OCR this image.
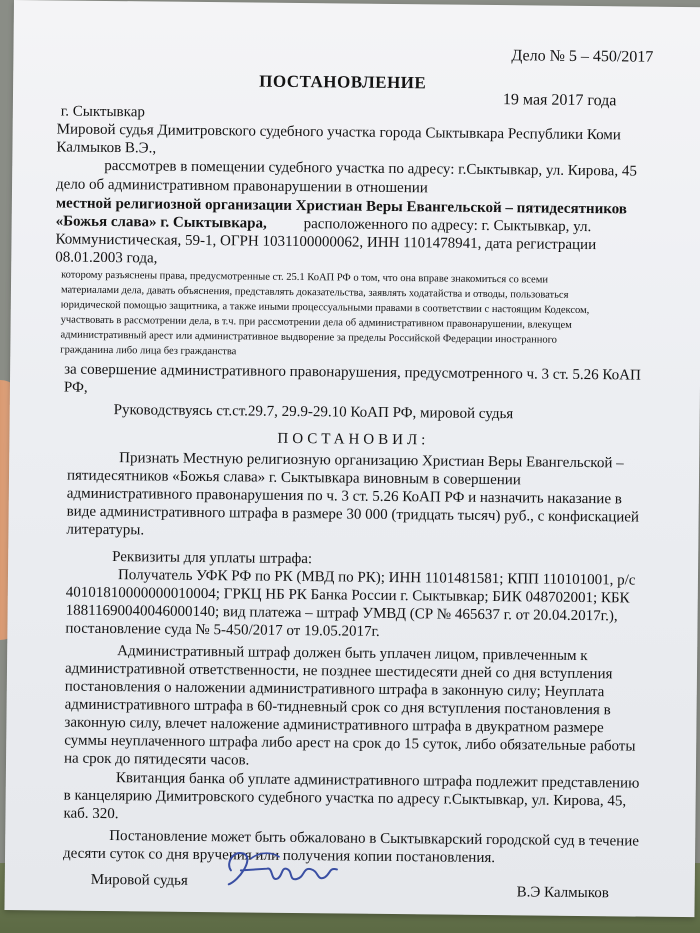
Дело № 5 – 450/2017
ПОСТАНОВЛЕНИЕ
19 мая 2017 года
г. Сыктывкар
Мировой судья Димитровского судебного участка города Сыктывкара Республики Коми
Калмыков В.Э.,
рассмотрев в помещении судебного участка по адресу: г.Сыктывкар, ул. Кирова, 45
дело об административном правонарушении в отношении
местной религиозной организации Христиан Веры Евангельской – пятидесятников
«Божья слава» г. Сыктывкара, расположенного по адресу: г. Сыктывкар, ул.
Коммунистическая, 59-1, ОГРН 1031100000062, ИНН 1101478941, дата регистрации
08.01.2003 года,
которому разъяснены права, предусмотренные ст. 25.1 КоАП РФ о том, что она вправе знакомиться со всеми
материалами дела, давать объяснения, представлять доказательства, заявлять ходатайства и отводы, пользоваться
юридической помощью защитника, а также иными процессуальными правами в соответствии с настоящим Кодексом,
участвовать в рассмотрении дела, в т.ч. при рассмотрении дела об административном правонарушении, влекущем
административный арест или административное выдворение за пределы Российской Федерации иностранного
гражданина либо лица без гражданства
за совершение административного правонарушения, предусмотренного ч. 3 ст. 5.26 КоАП
РФ,
Руководствуясь ст.ст.29.7, 29.9-29.10 КоАП РФ, мировой судья
ПОСТАНОВИЛ:
Признать Местную религиозную организацию Христиан Веры Евангельской –
пятидесятников «Божья слава» г. Сыктывкара виновным в совершении
административного правонарушения по ч. 3 ст. 5.26 КоАП РФ и назначить наказание в
виде административного штрафа в размере 30 000 (тридцать тысяч) руб., с конфискацией
литературы.
Реквизиты для уплаты штрафа:
Получатель УФК РФ по РК (МВД по РК); ИНН 1101481581; КПП 110101001, р/с
40101810000000010004; ГРКЦ НБ РК Банка России г. Сыктывкар; БИК 048702001; КБК
18811690040046000140; вид платежа – штраф УМВД (СР № 465637 г. от 20.04.2017г.),
постановление суда № 5-450/2017 от 19.05.2017г.
Административный штраф должен быть уплачен лицом, привлеченным к
административной ответственности, не позднее шестидесяти дней со дня вступления
постановления о наложении административного штрафа в законную силу; Неуплата
административного штрафа в 60-тидневный срок со дня вступления постановления в
законную силу, влечет наложение административного штрафа в двукратном размере
суммы неуплаченного штрафа либо арест на срок до 15 суток, либо обязательные работы
на срок до пятидесяти часов.
Квитанция банка об уплате административного штрафа подлежит представлению
в канцелярию Димитровского судебного участка по адресу г.Сыктывкар, ул. Кирова, 45,
каб. 320.
Постановление может быть обжаловано в Сыктывкарский городской суд в течение
десяти суток со дня вручения или получения копии постановления.
Мировой судья
В.Э Калмыков
